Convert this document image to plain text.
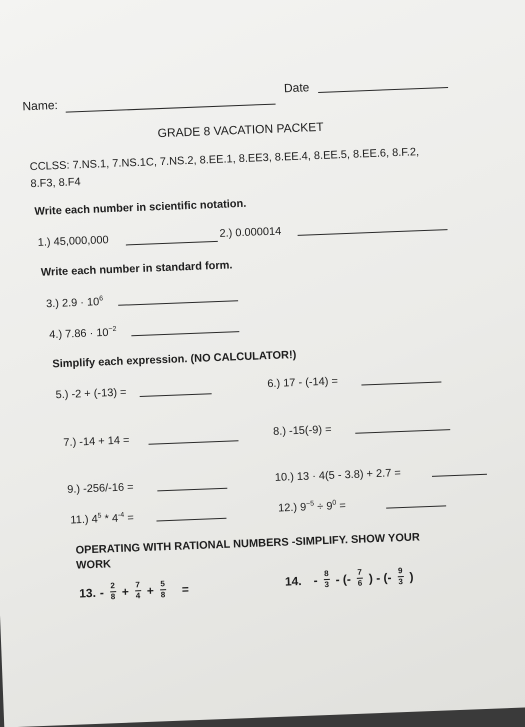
Name:
Date
GRADE 8 VACATION PACKET
CCLSS: 7.NS.1, 7.NS.1C, 7.NS.2, 8.EE.1, 8.EE3, 8.EE.4, 8.EE.5, 8.EE.6, 8.F.2,
8.F3, 8.F4
Write each number in scientific notation.
1.) 45,000,000
2.) 0.000014
Write each number in standard form.
3.) $2.9 \cdot 10^6$
4.) $7.86 \cdot 10^{-2}$
Simplify each expression. (NO CALCULATOR!)
5.) -2 + (-13) =
6.) 17 - (-14) =
7.) -14 + 14 =
8.) -15(-9) =
9.) -256/-16 =
10.) 13 · 4(5 - 3.8) + 2.7 =
11.) $4^5 * 4^{-4}$ =
12.) $9^{-5} \div 9^0$ =
OPERATING WITH RATIONAL NUMBERS -SIMPLIFY. SHOW YOUR
WORK
13. - $\frac{2}{8} + \frac{7}{4} + \frac{5}{8}$ =
14. - $\frac{8}{3}$ - (- $\frac{7}{6}$ ) - (- $\frac{9}{3}$ )
